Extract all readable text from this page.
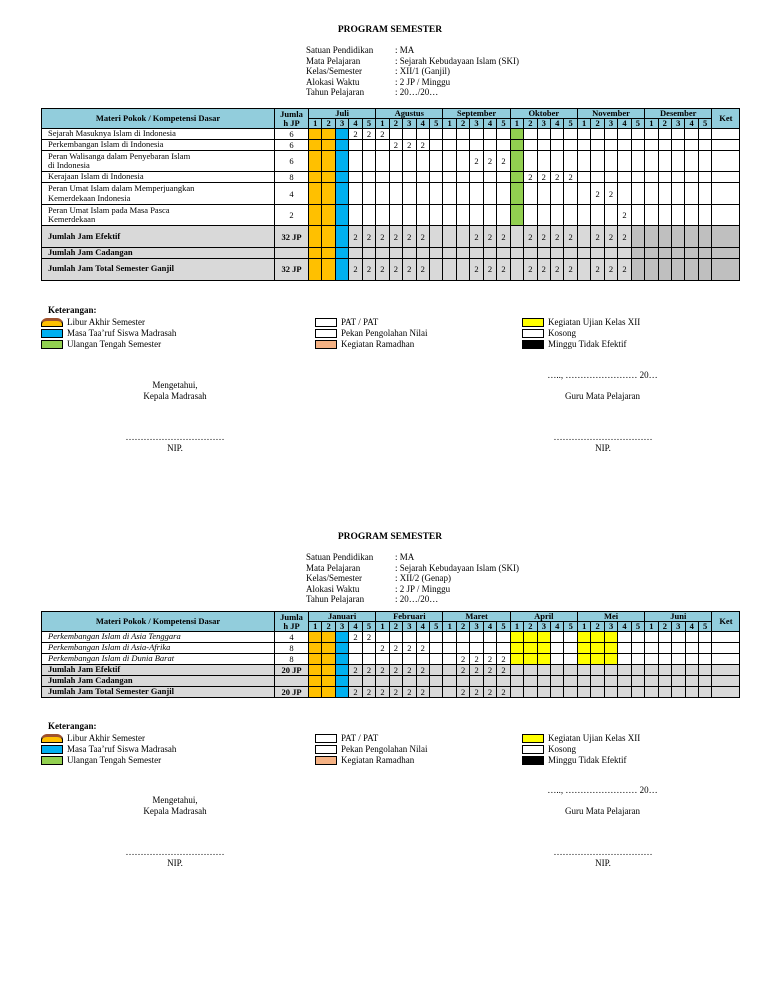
PROGRAM SEMESTER
Satuan Pendidikan	: MA
Mata Pelajaran	: Sejarah Kebudayaan Islam (SKI)
Kelas/Semester	: XII/1 (Ganjil)
Alokasi Waktu	: 2 JP / Minggu
Tahun Pelajaran	: 20…/20…
Materi Pokok / Kompetensi Dasar	Jumla
h JP	Juli					Agustus					September					Oktober					November					Desember					Ket	
		1	2	3	4	5	1	2	3	4	5	1	2	3	4	5	1	2	3	4	5	1	2	3	4	5	1	2	3	4	5		

Sejarah Masuknya Islam di Indonesia	6				2	2	2																											

Perkembangan Islam di Indonesia	6							2	2	2																								

Peran Walisanga dalam Penyebaran Islam
di Indonesia	6													2	2	2																		

Kerajaan Islam di Indonesia	8																	2	2	2	2													

Peran Umat Islam dalam Memperjuangkan
Kemerdekaan Indonesia	4																						2	2										

Peran Umat Islam pada Masa Pasca
Kemerdekaan	2																								2									

Jumlah Jam Efektif	32 JP				2	2	2	2	2	2				2	2	2		2	2	2	2		2	2	2									

Jumlah Jam Cadangan																																	

Jumlah Jam Total Semester Ganjil	32 JP				2	2	2	2	2	2				2	2	2		2	2	2	2		2	2	2									
Keterangan:
Libur Akhir Semester
Masa Taa’ruf Siswa Madrasah
Ulangan Tengah Semester
PAT / PAT
Pekan Pengolahan Nilai
Kegiatan Ramadhan
Kegiatan Ujian Kelas XII
Kosong
Minggu Tidak Efektif
Mengetahui,
Kepala Madrasah
….., …………………… 20…
Guru Mata Pelajaran
……………………………
NIP.
……………………………
NIP.
PROGRAM SEMESTER
Satuan Pendidikan	: MA
Mata Pelajaran	: Sejarah Kebudayaan Islam (SKI)
Kelas/Semester	: XII/2 (Genap)
Alokasi Waktu	: 2 JP / Minggu
Tahun Pelajaran	: 20…/20…
Materi Pokok / Kompetensi Dasar	Jumla
h JP	Januari					Februari					Maret					April					Mei					Juni					Ket	
		1	2	3	4	5	1	2	3	4	5	1	2	3	4	5	1	2	3	4	5	1	2	3	4	5	1	2	3	4	5		

Perkembangan Islam di Asia Tenggara	4				2	2																												

Perkembangan Islam di Asia-Afrika	8						2	2	2	2																								

Perkembangan Islam di Dunia Barat	8												2	2	2	2																		

Jumlah Jam Efektif	20 JP				2	2	2	2	2	2			2	2	2	2																		

Jumlah Jam Cadangan																																	

Jumlah Jam Total Semester Ganjil	20 JP				2	2	2	2	2	2			2	2	2	2																		
Keterangan:
Libur Akhir Semester
Masa Taa’ruf Siswa Madrasah
Ulangan Tengah Semester
PAT / PAT
Pekan Pengolahan Nilai
Kegiatan Ramadhan
Kegiatan Ujian Kelas XII
Kosong
Minggu Tidak Efektif
Mengetahui,
Kepala Madrasah
….., …………………… 20…
Guru Mata Pelajaran
……………………………
NIP.
……………………………
NIP.
